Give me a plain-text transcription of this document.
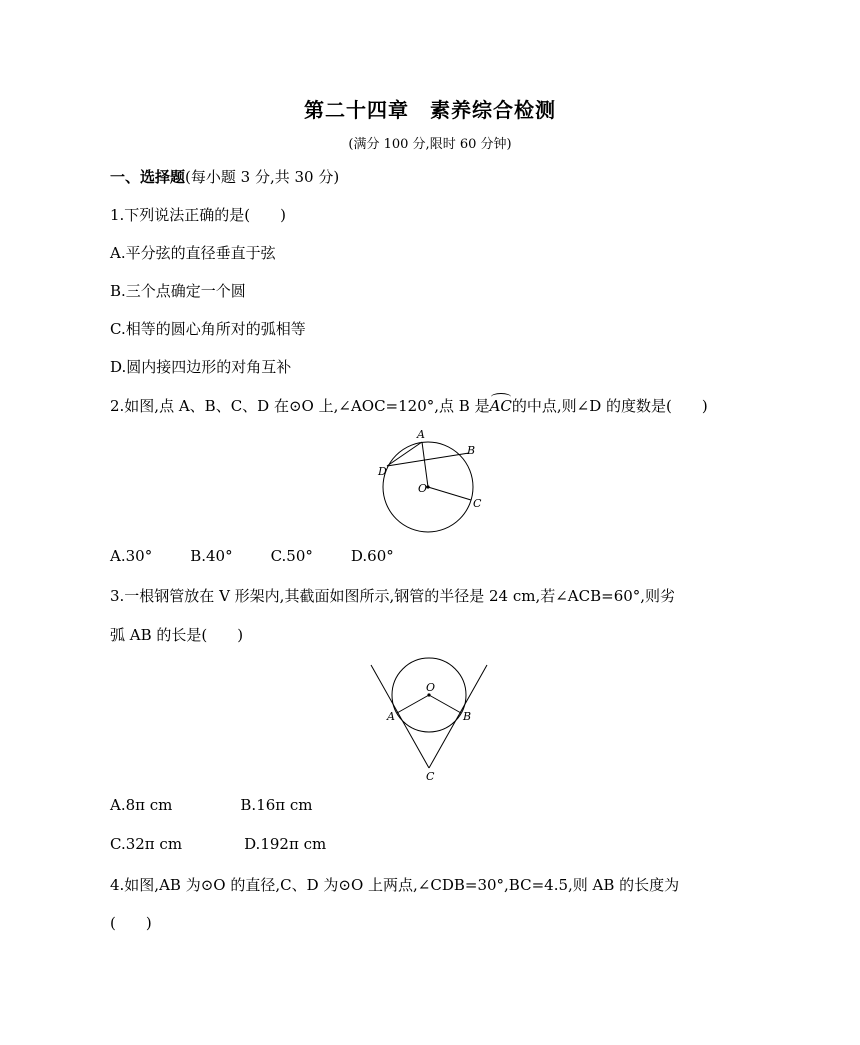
第二十四章　素养综合检测
(满分 100 分,限时 60 分钟)
一、选择题(每小题 3 分,共 30 分)
1.下列说法正确的是(　　)
A.平分弦的直径垂直于弦
B.三个点确定一个圆
C.相等的圆心角所对的弧相等
D.圆内接四边形的对角互补
2.如图,点 A、B、C、D 在⊙O 上,∠AOC=120°,点 B 是AC的中点,则∠D 的度数是(　　)
A
B
C
D
O
A.30°	B.40°	C.50°	D.60°
3.一根钢管放在 V 形架内,其截面如图所示,钢管的半径是 24 cm,若∠ACB=60°,则劣
弧 AB 的长是(　　)
O
A	B
C
A.8π cm	B.16π cm
C.32π cm	D.192π cm
4.如图,AB 为⊙O 的直径,C、D 为⊙O 上两点,∠CDB=30°,BC=4.5,则 AB 的长度为
(　　)
